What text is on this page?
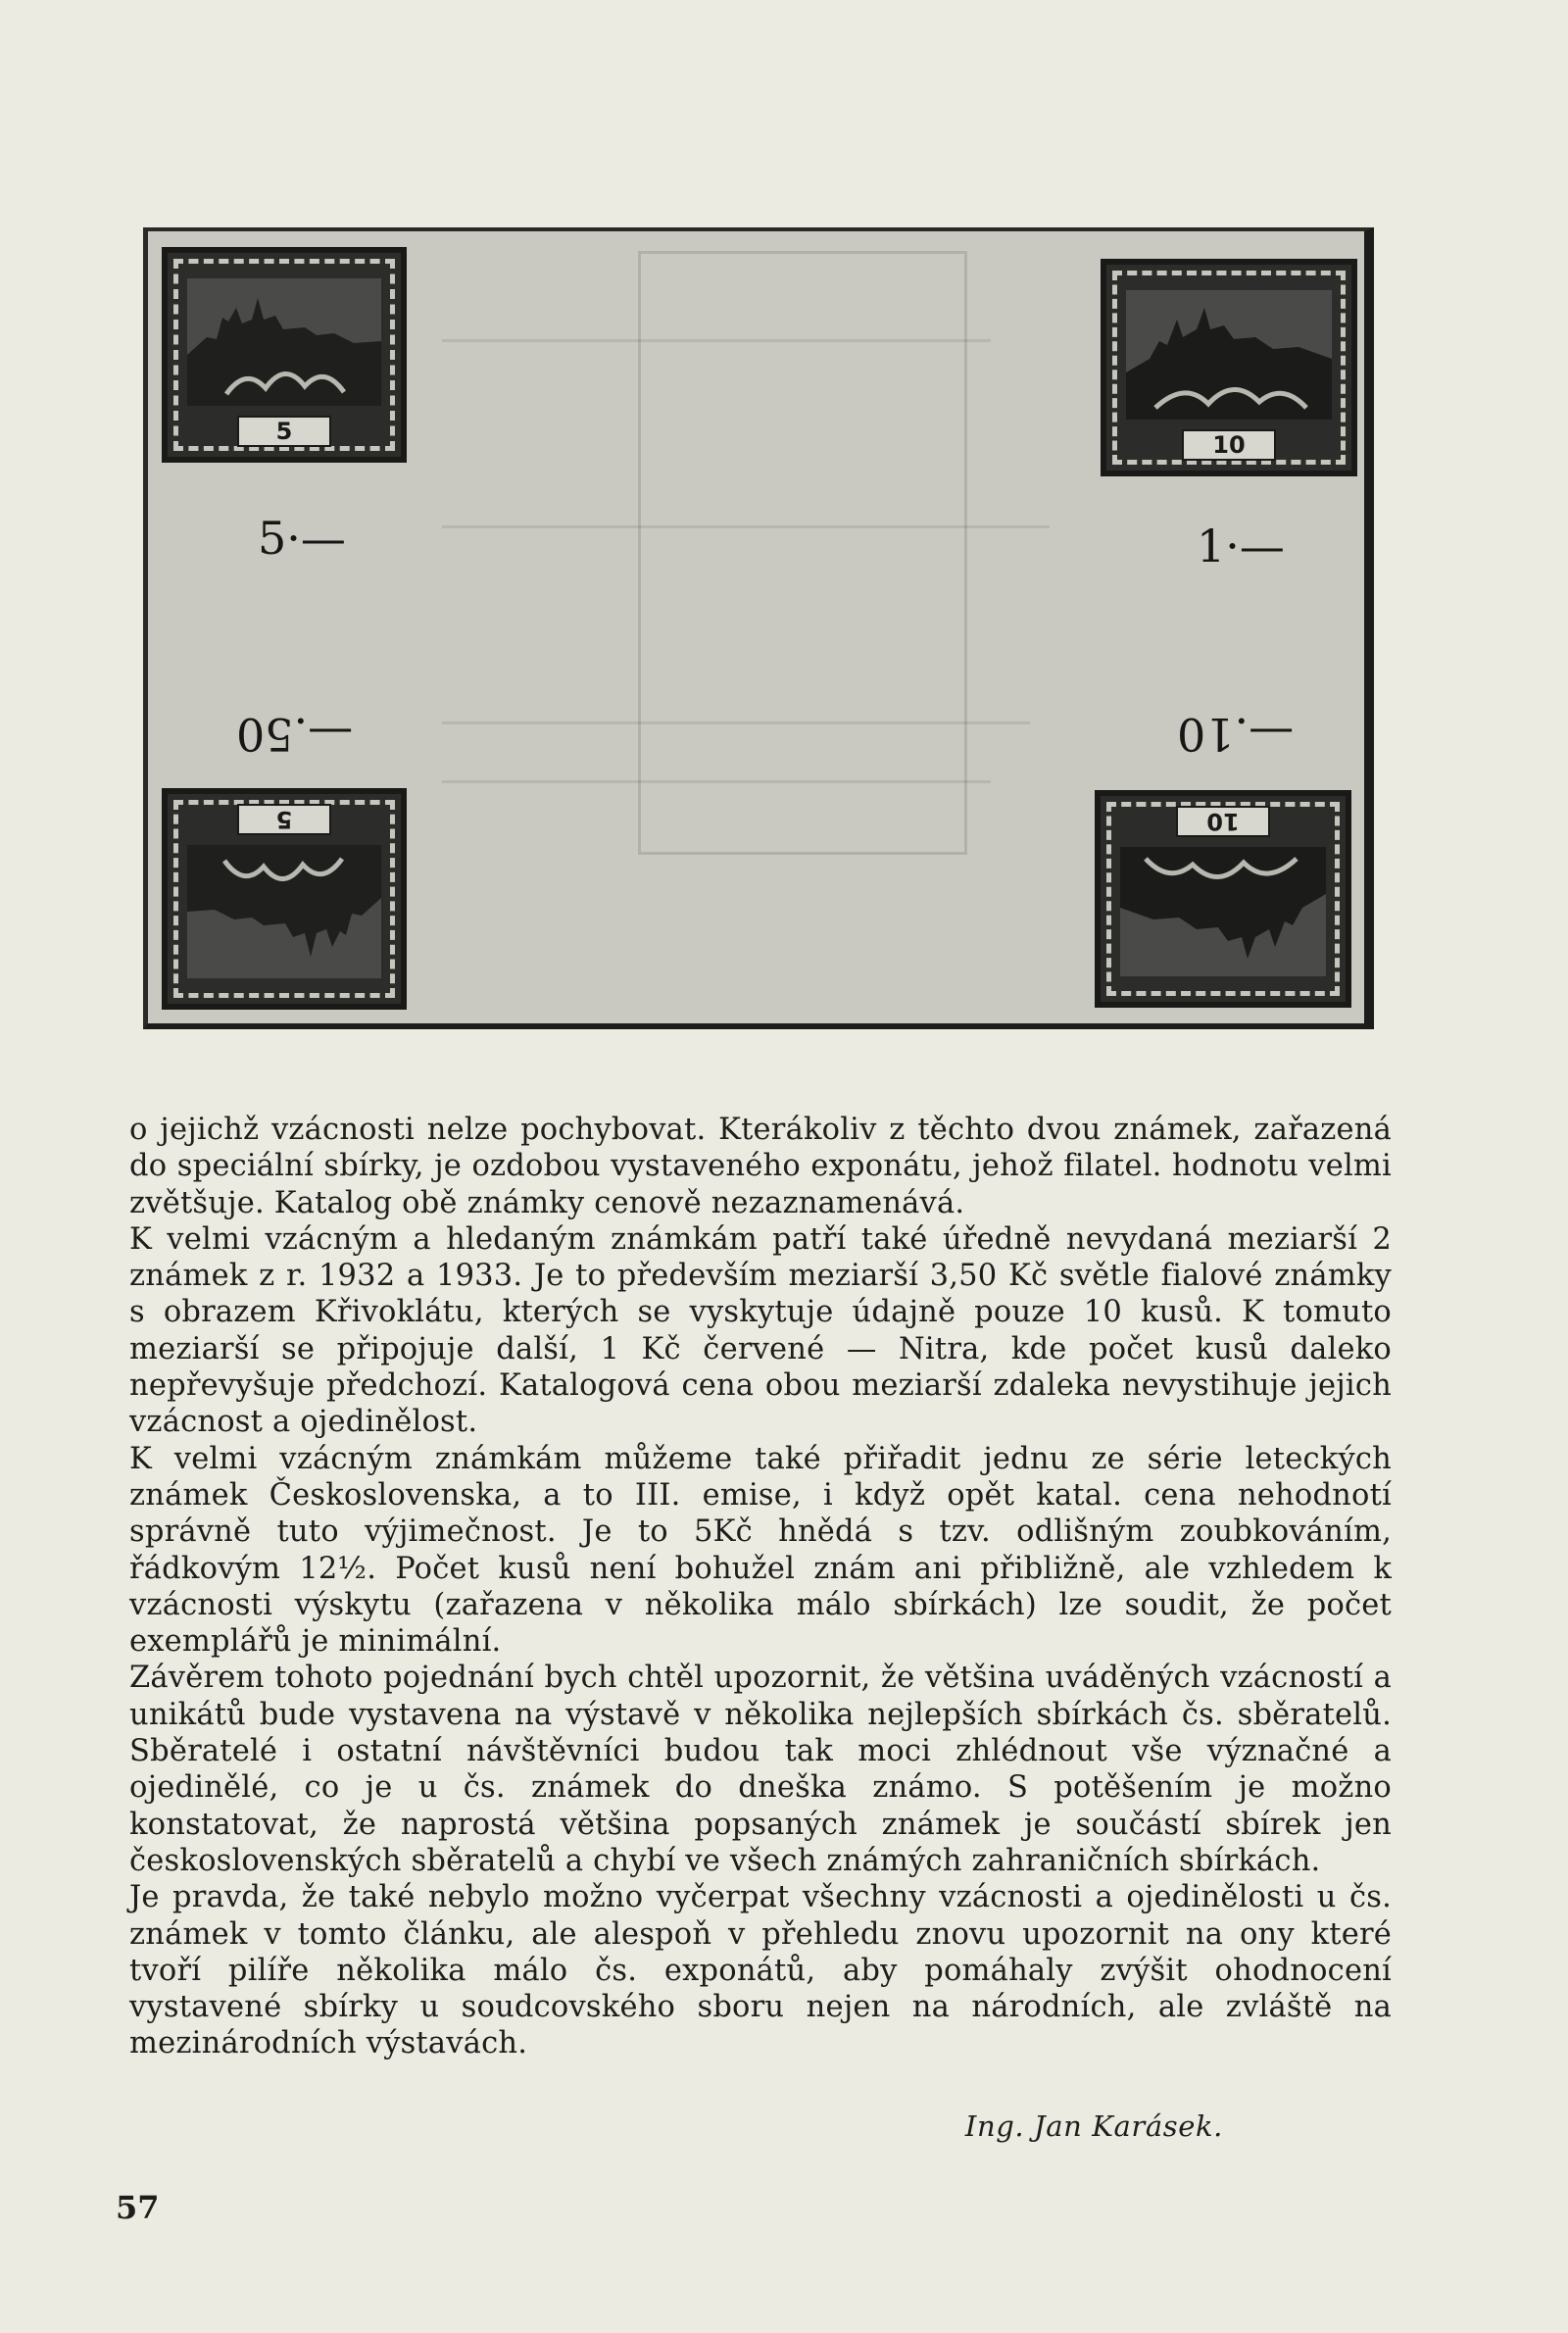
5	10
5	10
5·—	1·—
—.50	—.10

o jejichž vzácnosti nelze pochybovat. Kterákoliv z těchto dvou známek, zařazená do speciální sbírky, je ozdobou vystaveného exponátu, jehož filatel. hodnotu velmi zvětšuje. Katalog obě známky cenově nezaznamenává.

K velmi vzácným a hledaným známkám patří také úředně nevydaná meziarší 2 známek z r. 1932 a 1933. Je to především meziarší 3,50 Kč světle fialové známky s obrazem Křivoklátu, kterých se vyskytuje údajně pouze 10 kusů. K tomuto meziarší se připojuje další, 1 Kč červené — Nitra, kde počet kusů daleko nepřevyšuje předchozí. Katalogová cena obou meziarší zdaleka nevystihuje jejich vzácnost a ojedinělost.

K velmi vzácným známkám můžeme také přiřadit jednu ze série leteckých známek Československa, a to III. emise, i když opět katal. cena nehodnotí správně tuto výjimečnost. Je to 5Kč hnědá s tzv. odlišným zoubkováním, řádkovým 12½. Počet kusů není bohužel znám ani přibližně, ale vzhledem k vzácnosti výskytu (zařazena v několika málo sbírkách) lze soudit, že počet exemplářů je minimální.

Závěrem tohoto pojednání bych chtěl upozornit, že většina uváděných vzácností a unikátů bude vystavena na výstavě v několika nejlepších sbírkách čs. sběratelů. Sběratelé i ostatní návštěvníci budou tak moci zhlédnout vše význačné a ojedinělé, co je u čs. známek do dneška známo. S potěšením je možno konstatovat, že naprostá většina popsaných známek je součástí sbírek jen československých sběratelů a chybí ve všech známých zahraničních sbírkách.

Je pravda, že také nebylo možno vyčerpat všechny vzácnosti a ojedinělosti u čs. známek v tomto článku, ale alespoň v přehledu znovu upozornit na ony které tvoří pilíře několika málo čs. exponátů, aby pomáhaly zvýšit ohodnocení vystavené sbírky u soudcovského sboru nejen na národních, ale zvláště na mezinárodních výstavách.

Ing. Jan Karásek.
57
